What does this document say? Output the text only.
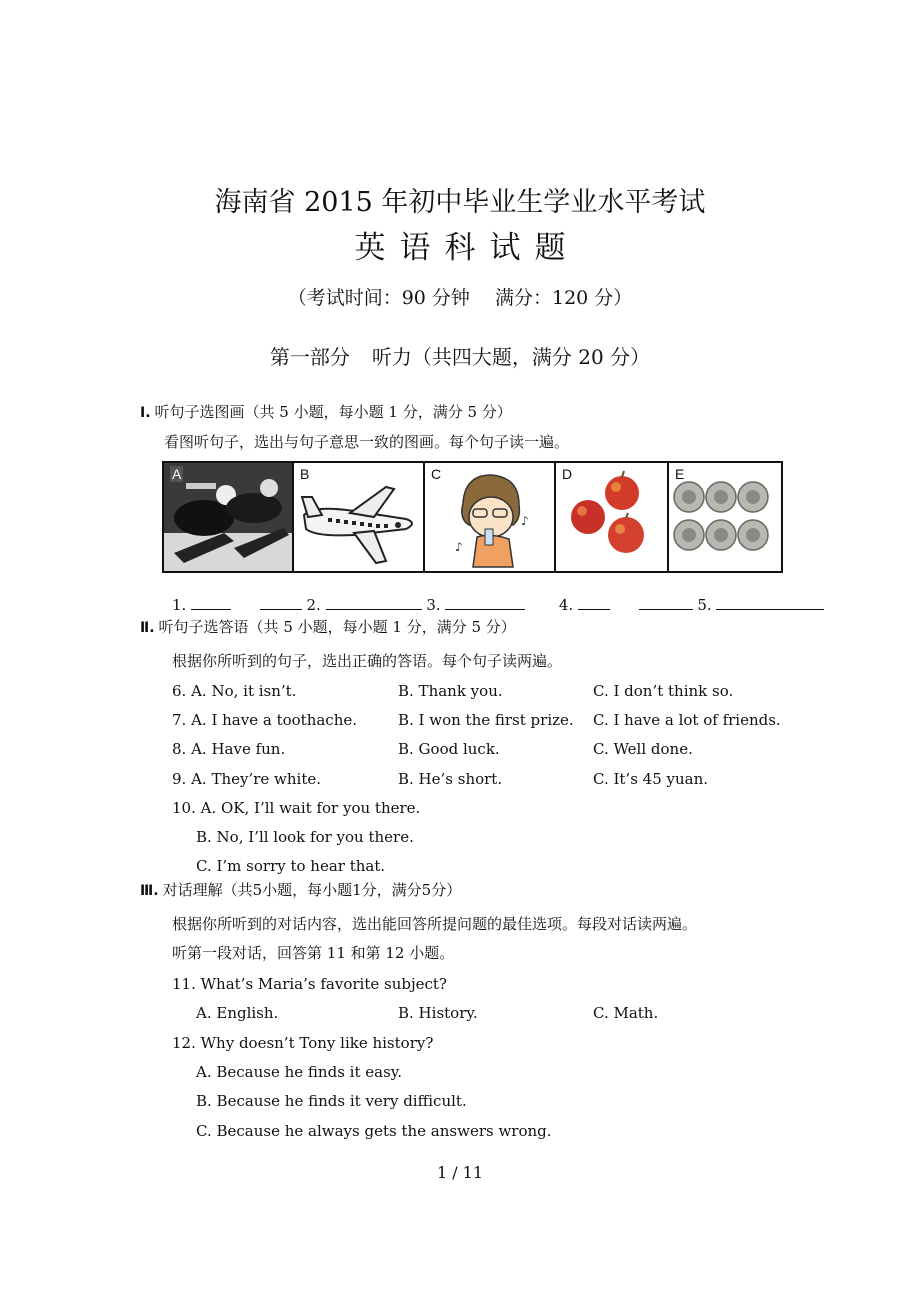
海南省 2015 年初中毕业生学业水平考试
英语科试题
（考试时间：90 分钟　 满分：120 分）
第一部分 听力（共四大题，满分 20 分）
I. 听句子选图画（共 5 小题，每小题 1 分，满分 5 分）
看图听句子，选出与句子意思一致的图画。每个句子读一遍。
A	B	C
♪
♪
D	E
1.	2.	3.	4.	5.
Ⅱ. 听句子选答语（共 5 小题，每小题 1 分，满分 5 分）
根据你所听到的句子，选出正确的答语。每个句子读两遍。
6. A. No, it isn’t.	B. Thank you.	C. I don’t think so.
7. A. I have a toothache.	B. I won the first prize. C. I have a lot of friends.
8. A. Have fun.	B. Good luck.	C. Well done.
9. A. They’re white.	B. He’s short.	C. It’s 45 yuan.
10. A. OK, I’ll wait for you there.
B. No, I’ll look for you there.
C. I’m sorry to hear that.
Ⅲ. 对话理解（共5小题，每小题1分，满分5分）
根据你所听到的对话内容，选出能回答所提问题的最佳选项。每段对话读两遍。
听第一段对话，回答第 11 和第 12 小题。
11. What’s Maria’s favorite subject?
A. English.	B. History.	C. Math.
12. Why doesn’t Tony like history?
A. Because he finds it easy.
B. Because he finds it very difficult.
C. Because he always gets the answers wrong.
1 / 11
